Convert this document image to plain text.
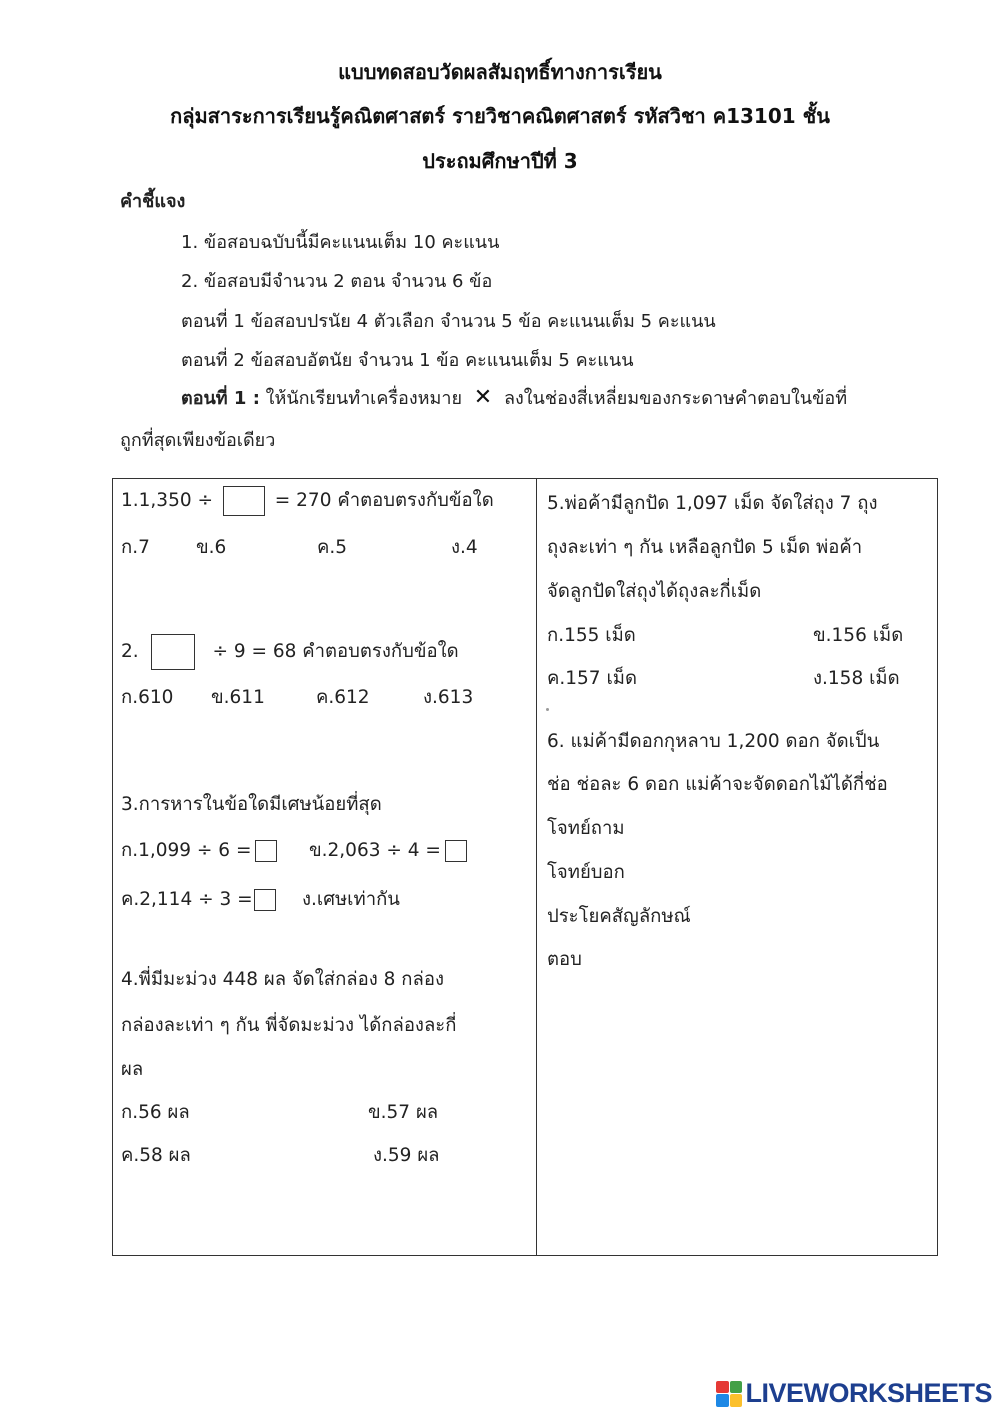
แบบทดสอบวัดผลสัมฤทธิ์ทางการเรียน
กลุ่มสาระการเรียนรู้คณิตศาสตร์ รายวิชาคณิตศาสตร์ รหัสวิชา ค13101 ชั้น
ประถมศึกษาปีที่ 3
คำชี้แจง
1. ข้อสอบฉบับนี้มีคะแนนเต็ม 10 คะแนน
2. ข้อสอบมีจำนวน 2 ตอน จำนวน 6 ข้อ
ตอนที่ 1 ข้อสอบปรนัย 4 ตัวเลือก จำนวน 5 ข้อ คะแนนเต็ม 5 คะแนน
ตอนที่ 2 ข้อสอบอัตนัย จำนวน 1 ข้อ คะแนนเต็ม 5 คะแนน
ตอนที่ 1 : ให้นักเรียนทำเครื่องหมาย ✕ ลงในช่องสี่เหลี่ยมของกระดาษคำตอบในข้อที่
ถูกที่สุดเพียงข้อเดียว
1.1,350 ÷	= 270 คำตอบตรงกับข้อใด
ก.7 ข.6	ค.5	ง.4
2.	÷ 9 = 68 คำตอบตรงกับข้อใด
ก.610 ข.611	ค.612	ง.613
3.การหารในข้อใดมีเศษน้อยที่สุด
ก.1,099 ÷ 6 =	ข.2,063 ÷ 4 =
ค.2,114 ÷ 3 =	ง.เศษเท่ากัน
4.พี่มีมะม่วง 448 ผล จัดใส่กล่อง 8 กล่อง
กล่องละเท่า ๆ กัน พี่จัดมะม่วง ได้กล่องละกี่
ผล
ก.56 ผล	ข.57 ผล
ค.58 ผล	ง.59 ผล
5.พ่อค้ามีลูกปัด 1,097 เม็ด จัดใส่ถุง 7 ถุง
ถุงละเท่า ๆ กัน เหลือลูกปัด 5 เม็ด พ่อค้า
จัดลูกปัดใส่ถุงได้ถุงละกี่เม็ด
ก.155 เม็ด	ข.156 เม็ด
ค.157 เม็ด	ง.158 เม็ด
6. แม่ค้ามีดอกกุหลาบ 1,200 ดอก จัดเป็น
ช่อ ช่อละ 6 ดอก แม่ค้าจะจัดดอกไม้ได้กี่ช่อ
โจทย์ถาม
โจทย์บอก
ประโยคสัญลักษณ์
ตอบ
LIVEWORKSHEETS
